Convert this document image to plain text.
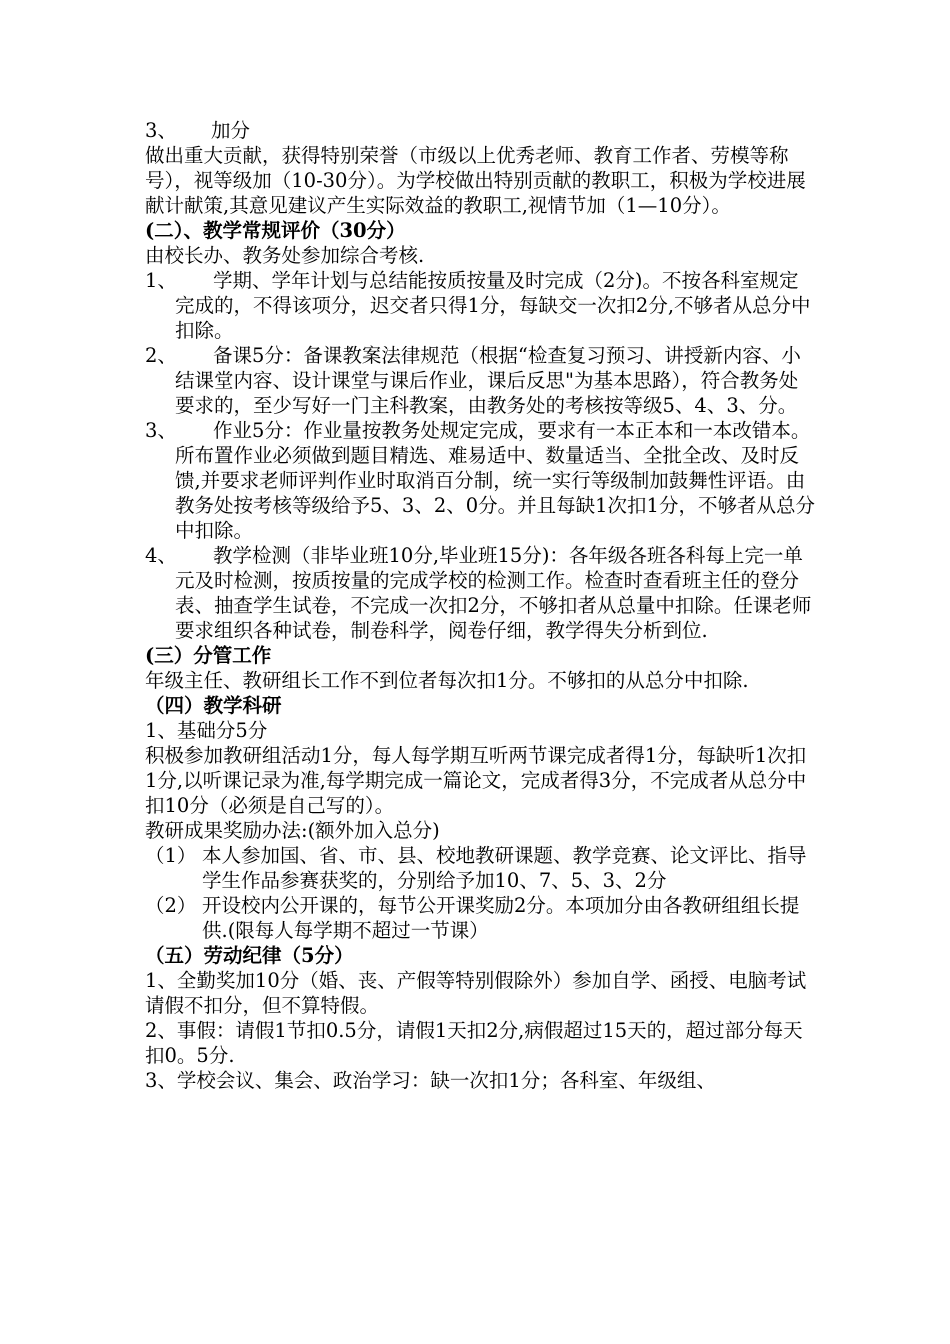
3、 加分

做出重大贡献，获得特别荣誉（市级以上优秀老师、教育工作者、劳模等称号），视等级加（10-30分）。为学校做出特别贡献的教职工，积极为学校进展献计献策,其意见建议产生实际效益的教职工,视情节加（1—10分）。

(二）、教学常规评价（30分）

由校长办、教务处参加综合考核.

1、 学期、学年计划与总结能按质按量及时完成（2分)。不按各科室规定完成的，不得该项分，迟交者只得1分，每缺交一次扣2分,不够者从总分中扣除。

2、 备课5分：备课教案法律规范（根据“检查复习预习、讲授新内容、小结课堂内容、设计课堂与课后作业，课后反思"为基本思路），符合教务处要求的，至少写好一门主科教案，由教务处的考核按等级5、4、3、分。

3、 作业5分：作业量按教务处规定完成，要求有一本正本和一本改错本。所布置作业必须做到题目精选、难易适中、数量适当、全批全改、及时反馈,并要求老师评判作业时取消百分制，统一实行等级制加鼓舞性评语。由教务处按考核等级给予5、3、2、0分。并且每缺1次扣1分，不够者从总分中扣除。

4、 教学检测（非毕业班10分,毕业班15分)：各年级各班各科每上完一单元及时检测，按质按量的完成学校的检测工作。检查时查看班主任的登分表、抽查学生试卷，不完成一次扣2分，不够扣者从总量中扣除。任课老师要求组织各种试卷，制卷科学，阅卷仔细，教学得失分析到位.

(三）分管工作

年级主任、教研组长工作不到位者每次扣1分。不够扣的从总分中扣除.

（四）教学科研

1、基础分5分

积极参加教研组活动1分，每人每学期互听两节课完成者得1分，每缺听1次扣1分,以听课记录为准,每学期完成一篇论文，完成者得3分，不完成者从总分中扣10分（必须是自己写的）。

教研成果奖励办法:(额外加入总分)

（1） 本人参加国、省、市、县、校地教研课题、教学竞赛、论文评比、指导学生作品参赛获奖的，分别给予加10、7、5、3、2分

（2） 开设校内公开课的，每节公开课奖励2分。本项加分由各教研组组长提供.(限每人每学期不超过一节课）

（五）劳动纪律（5分）

1、全勤奖加10分（婚、丧、产假等特别假除外）参加自学、函授、电脑考试请假不扣分，但不算特假。

2、事假：请假1节扣0.5分，请假1天扣2分,病假超过15天的，超过部分每天扣0。5分.

3、学校会议、集会、政治学习：缺一次扣1分；各科室、年级组、
